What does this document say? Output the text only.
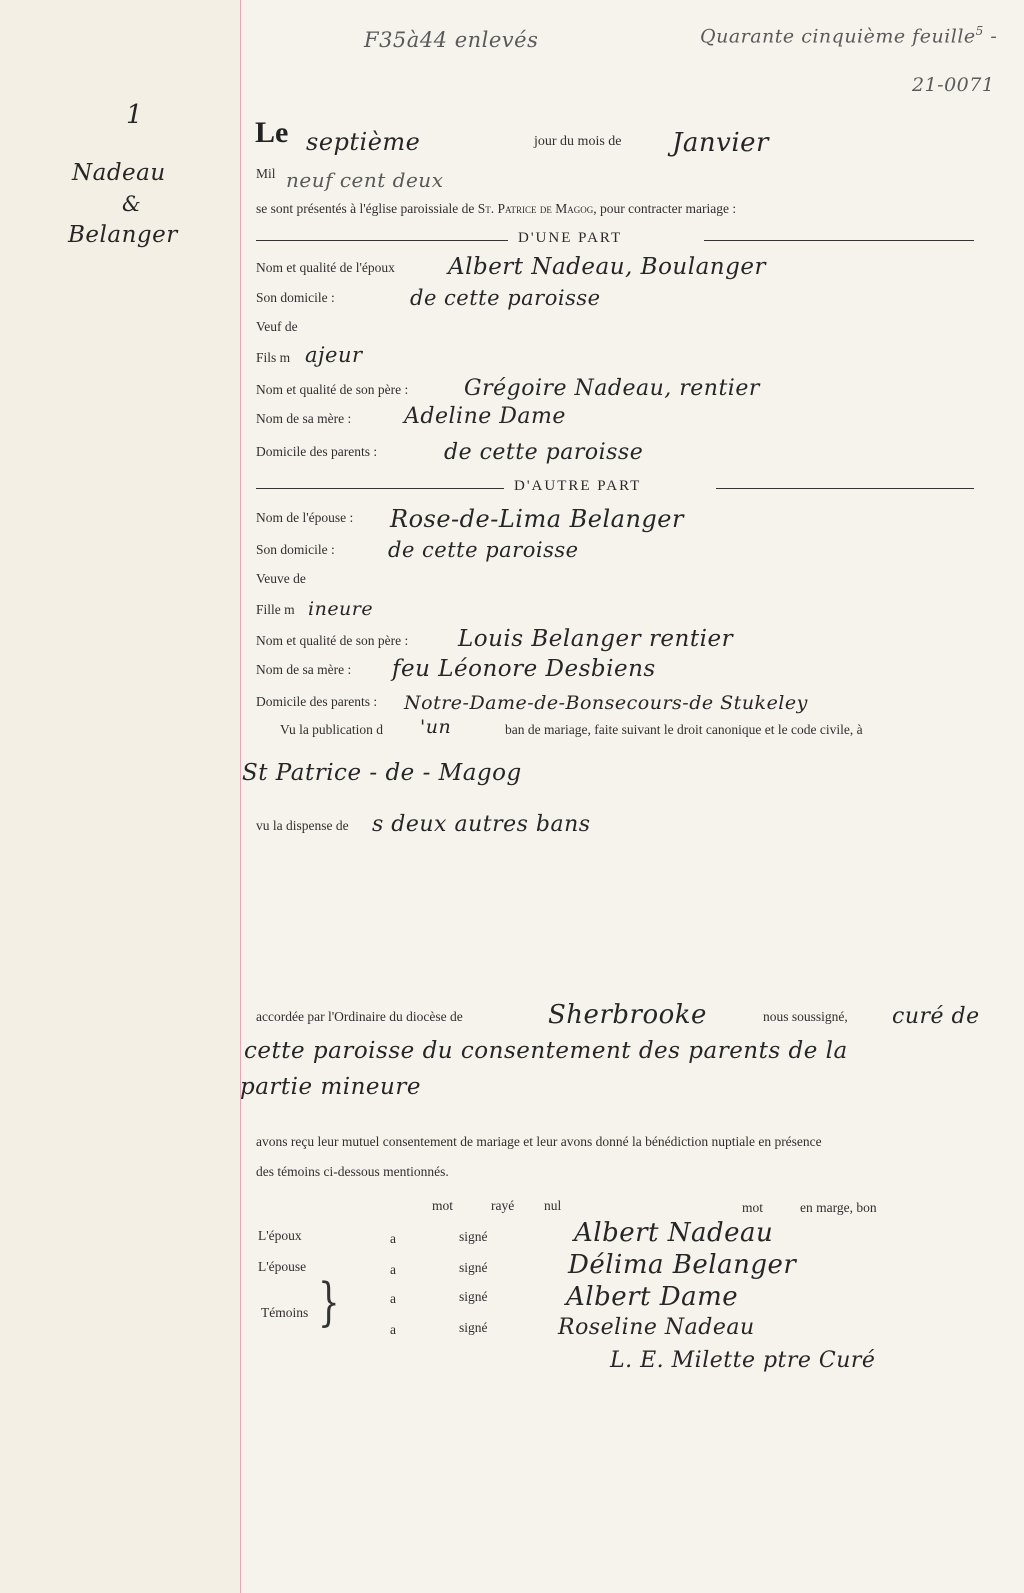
F35à44 enlevés	Quarante cinquième feuille$^5$ -
21-0071
1
Nadeau
&
Belanger
Le septième	jour du mois de Janvier
Mil neuf cent deux
se sont présentés à l'église paroissiale de St. Patrice de Magog, pour contracter mariage :
D'UNE PART
Nom et qualité de l'époux Albert Nadeau, Boulanger
Son domicile :	de cette paroisse
Veuf de
Fils m ajeur
Nom et qualité de son père :	Grégoire Nadeau, rentier
Nom de sa mère : Adeline Dame
Domicile des parents :	de cette paroisse
D'AUTRE PART
Nom de l'épouse : Rose-de-Lima Belanger
Son domicile :	de cette paroisse
Veuve de
Fille m ineure
Nom et qualité de son père : Louis Belanger rentier
Nom de sa mère : feu Léonore Desbiens
Domicile des parents : Notre-Dame-de-Bonsecours-de Stukeley
Vu la publication d 'un	ban de mariage, faite suivant le droit canonique et le code civile, à
St Patrice - de - Magog
vu la dispense de s deux autres bans
accordée par l'Ordinaire du diocèse de	Sherbrooke	nous soussigné, curé de
cette paroisse du consentement des parents de la
partie mineure
avons reçu leur mutuel consentement de mariage et leur avons donné la bénédiction nuptiale en présence
des témoins ci-dessous mentionnés.
mot	rayé nul	mot	en marge, bon
L'époux	a	signé	Albert Nadeau
L'épouse	a	signé	Délima Belanger
a	signé	Albert Dame
Témoins }	a	signé	Roseline Nadeau
L. E. Milette ptre Curé
